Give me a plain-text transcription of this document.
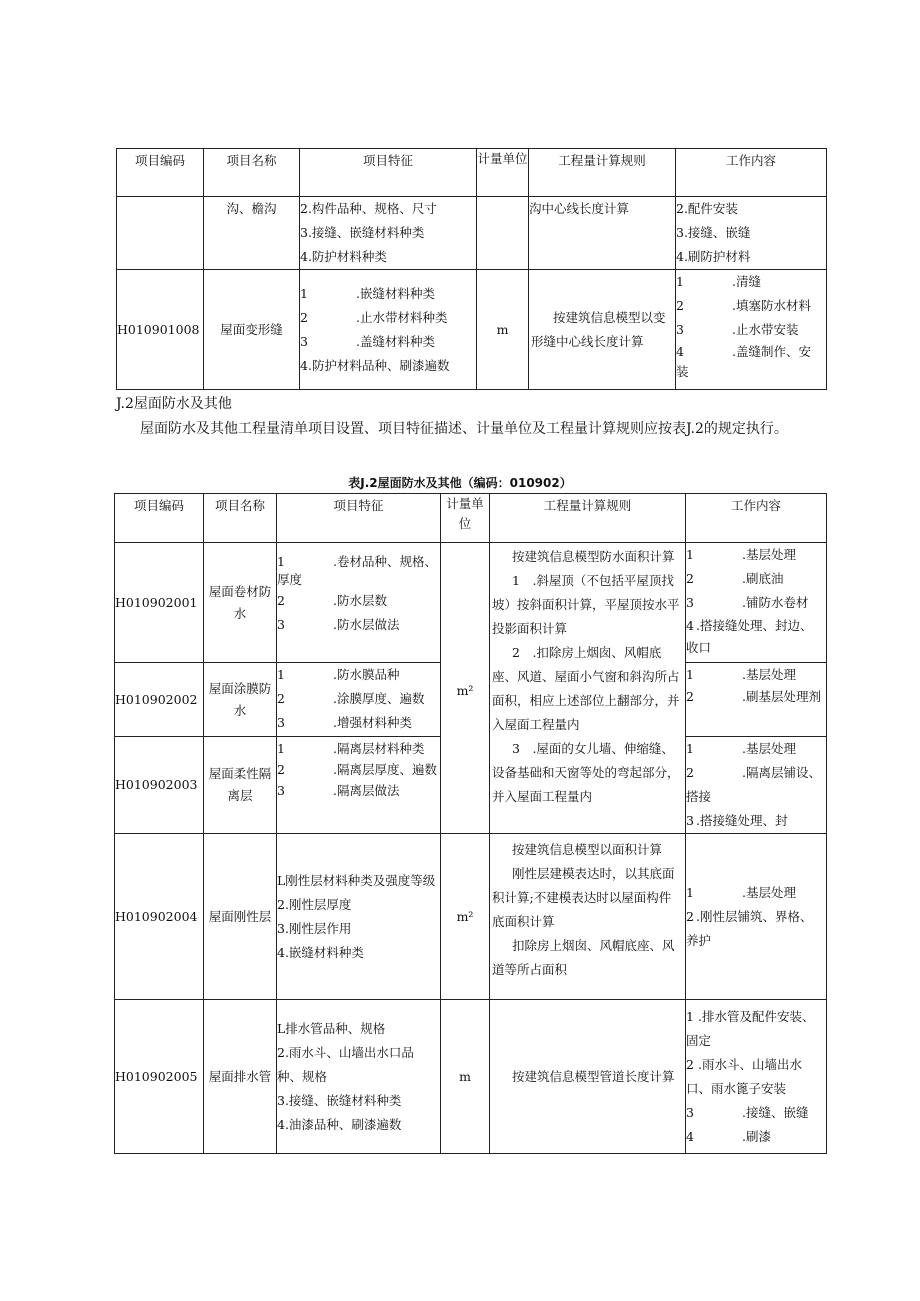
项目编码	项目名称	项目特征	计量单位	工程量计算规则	工作内容
	沟、檐沟	2.构件品种、规格、尺寸
3.接缝、嵌缝材料种类
4.防护材料种类		沟中心线长度计算	2.配件安装
3.接缝、嵌缝
4.刷防护材料

H010901008	屋面变形缝	1 .嵌缝材料种类
2 .止水带材料种类
3 .盖缝材料种类
4.防护材料品种、刷漆遍数	m	按建筑信息模型以变形缝中心线长度计算	1 .清缝
2 .填塞防水材料
3 .止水带安装
4 .盖缝制作、安装
J.2屋面防水及其他
屋面防水及其他工程量清单项目设置、项目特征描述、计量单位及工程量计算规则应按表J.2的规定执行。
表J.2屋面防水及其他（编码：010902）
项目编码	项目名称	项目特征	计量单位	工程量计算规则	工作内容
H010902001	屋面卷材防水	1 .卷材品种、规格、厚度
2 .防水层数
3 .防水层做法	m²	按建筑信息模型防水面积计算
1　.斜屋顶（不包括平屋顶找坡）按斜面积计算，平屋顶按水平投影面积计算
2　.扣除房上烟囱、风帽底座、风道、屋面小气窗和斜沟所占面积，相应上述部位上翻部分，并入屋面工程量内
3　.屋面的女儿墙、伸缩缝、设备基础和天窗等处的弯起部分，并入屋面工程量内	1 .基层处理
2 .刷底油
3 .铺防水卷材
4 .搭接缝处理、封边、收口

H010902002	屋面涂膜防水	1 .防水膜品种
2 .涂膜厚度、遍数
3 .增强材料种类			1 .基层处理
2 .刷基层处理剂

H010902003	屋面柔性隔离层	1 .隔离层材料种类
2 .隔离层厚度、遍数
3 .隔离层做法			1 .基层处理
2 .隔离层铺设、搭接
3 .搭接缝处理、封

H010902004	屋面刚性层	L刚性层材料种类及强度等级
2.刚性层厚度
3.刚性层作用
4.嵌缝材料种类	m²	按建筑信息模型以面积计算
刚性层建模表达时，以其底面积计算;不建模表达时以屋面构件底面积计算
扣除房上烟囱、风帽底座、风道等所占面积	1 .基层处理
2 .刚性层铺筑、界格、养护

H010902005	屋面排水管	L排水管品种、规格
2.雨水斗、山墙出水口品种、规格
3.接缝、嵌缝材料种类
4.油漆品种、刷漆遍数	m	按建筑信息模型管道长度计算	1 .排水管及配件安装、固定
2 .雨水斗、山墙出水口、雨水篦子安装
3 .接缝、嵌缝
4 .刷漆
